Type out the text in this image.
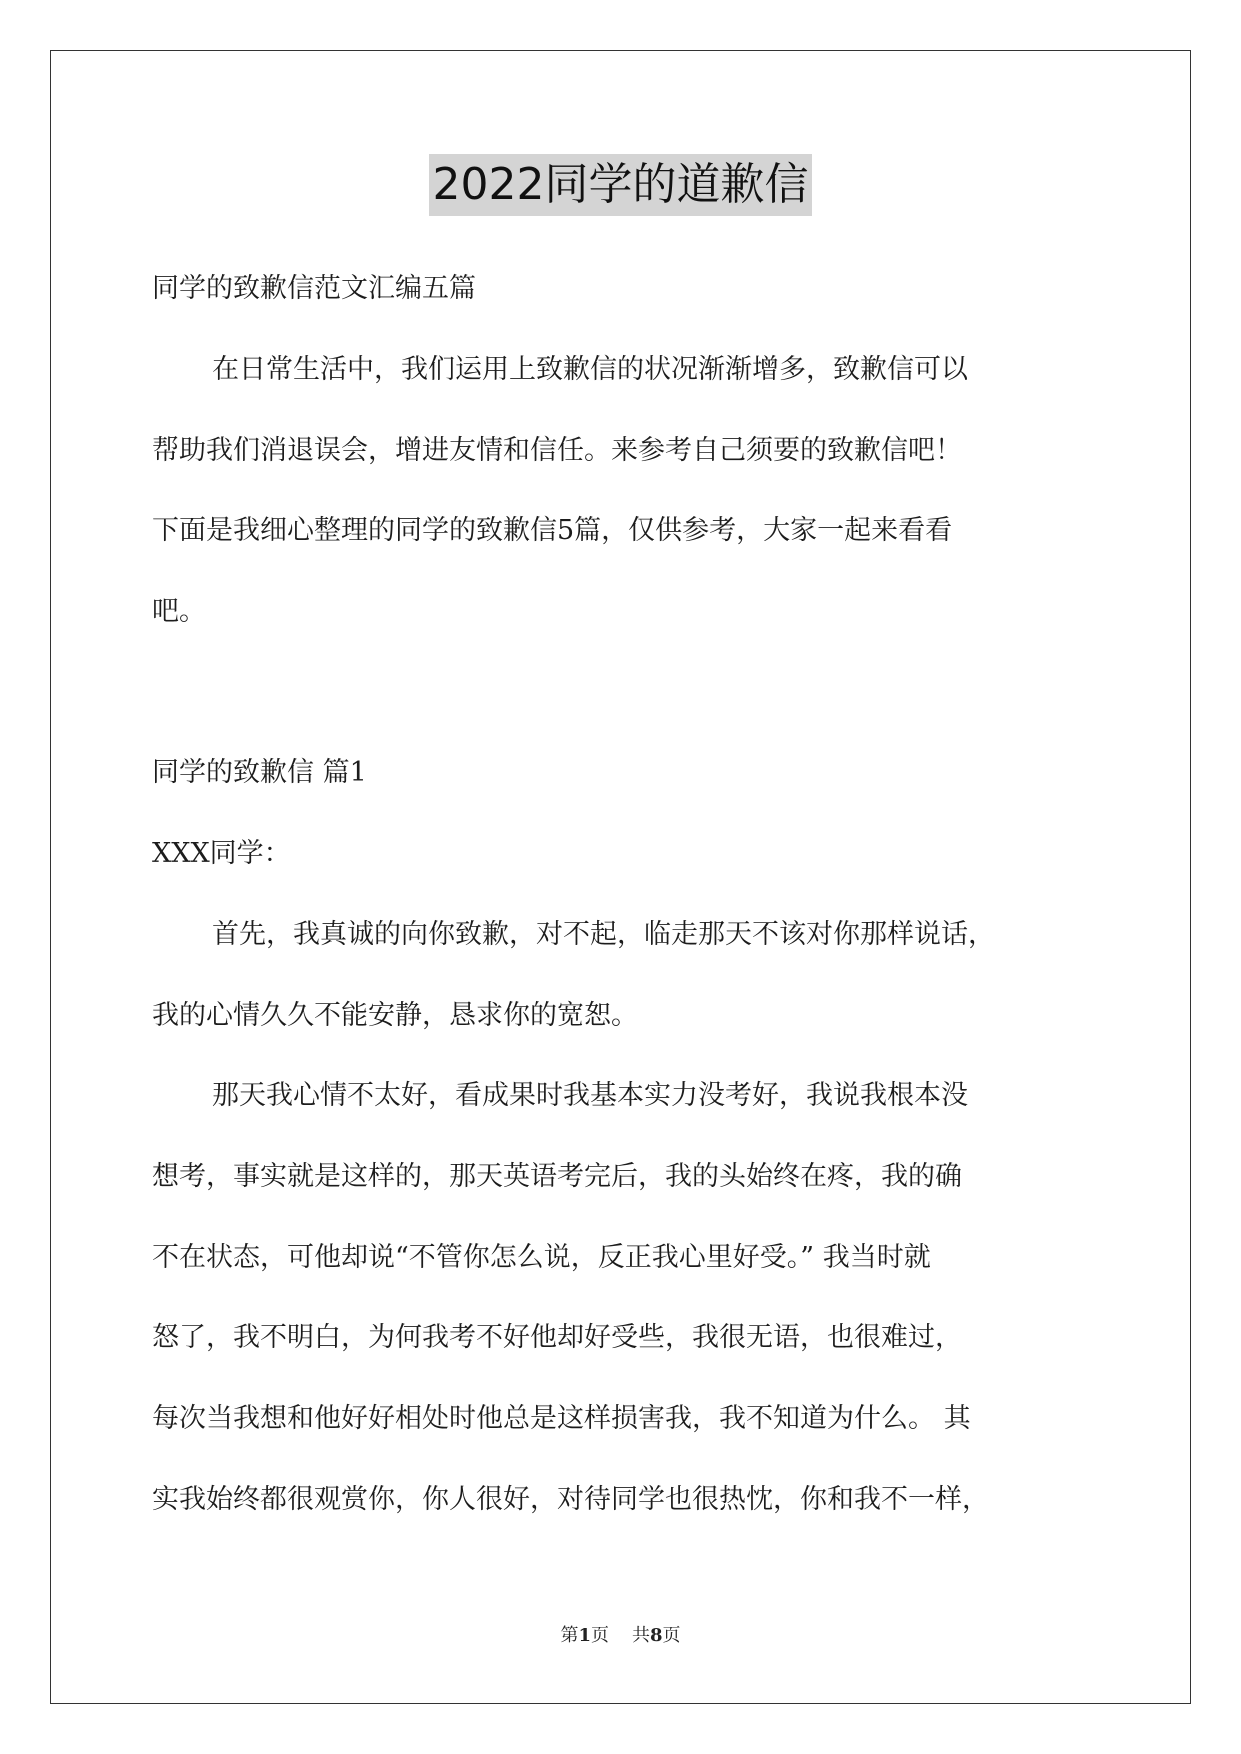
2022同学的道歉信
同学的致歉信范文汇编五篇
在日常生活中，我们运用上致歉信的状况渐渐增多，致歉信可以
帮助我们消退误会，增进友情和信任。来参考自己须要的致歉信吧！
下面是我细心整理的同学的致歉信5篇，仅供参考，大家一起来看看
吧。
同学的致歉信 篇1
XXX同学：
首先，我真诚的向你致歉，对不起，临走那天不该对你那样说话，
我的心情久久不能安静，恳求你的宽恕。
那天我心情不太好，看成果时我基本实力没考好，我说我根本没
想考，事实就是这样的，那天英语考完后，我的头始终在疼，我的确
不在状态，可他却说“不管你怎么说，反正我心里好受。” 我当时就
怒了，我不明白，为何我考不好他却好受些，我很无语，也很难过，
每次当我想和他好好相处时他总是这样损害我，我不知道为什么。 其
实我始终都很观赏你，你人很好，对待同学也很热忱，你和我不一样，
第1页 共8页
